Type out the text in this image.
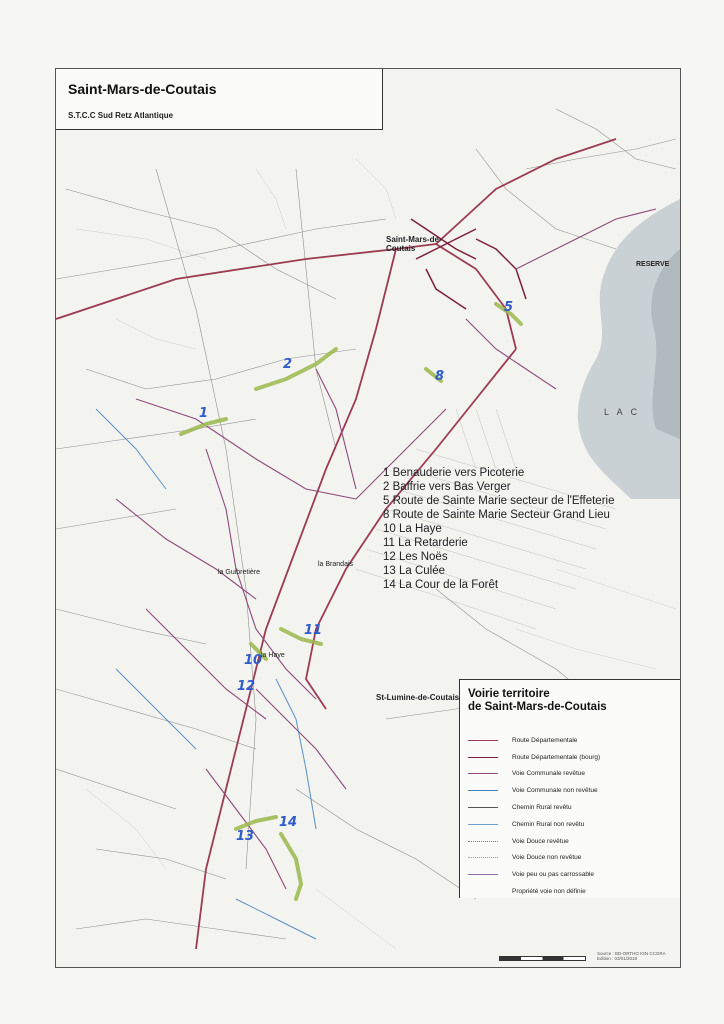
Saint-Mars-de-Coutais
S.T.C.C Sud Retz Atlantique
Saint-Mars-de-Coutais
St-Lumine-de-Coutais
RESERVE
L A C
la Haye
la Guibretière
la Brandais
2
1
5
8
11
10
12
13
14
1 Benauderie vers Picoterie
2 Baffrie vers Bas Verger
5 Route de Sainte Marie secteur de l'Effeterie
8 Route de Sainte Marie Secteur Grand Lieu
10 La Haye
11 La Retarderie
12 Les Noës
13 La Culée
14 La Cour de la Forêt
Voirie territoire
de Saint-Mars-de-Coutais
Route Départementale
Route Départementale (bourg)
Voie Communale revêtue
Voie Communale non revêtue
Chemin Rural revêtu
Chemin Rural non revêtu
Voie Douce revêtue
Voie Douce non revêtue
Voie peu ou pas carrossable
Propriété voie non définie
Source : BD-ORTHO IGN CCGRA
Edition : 03/01/2018
